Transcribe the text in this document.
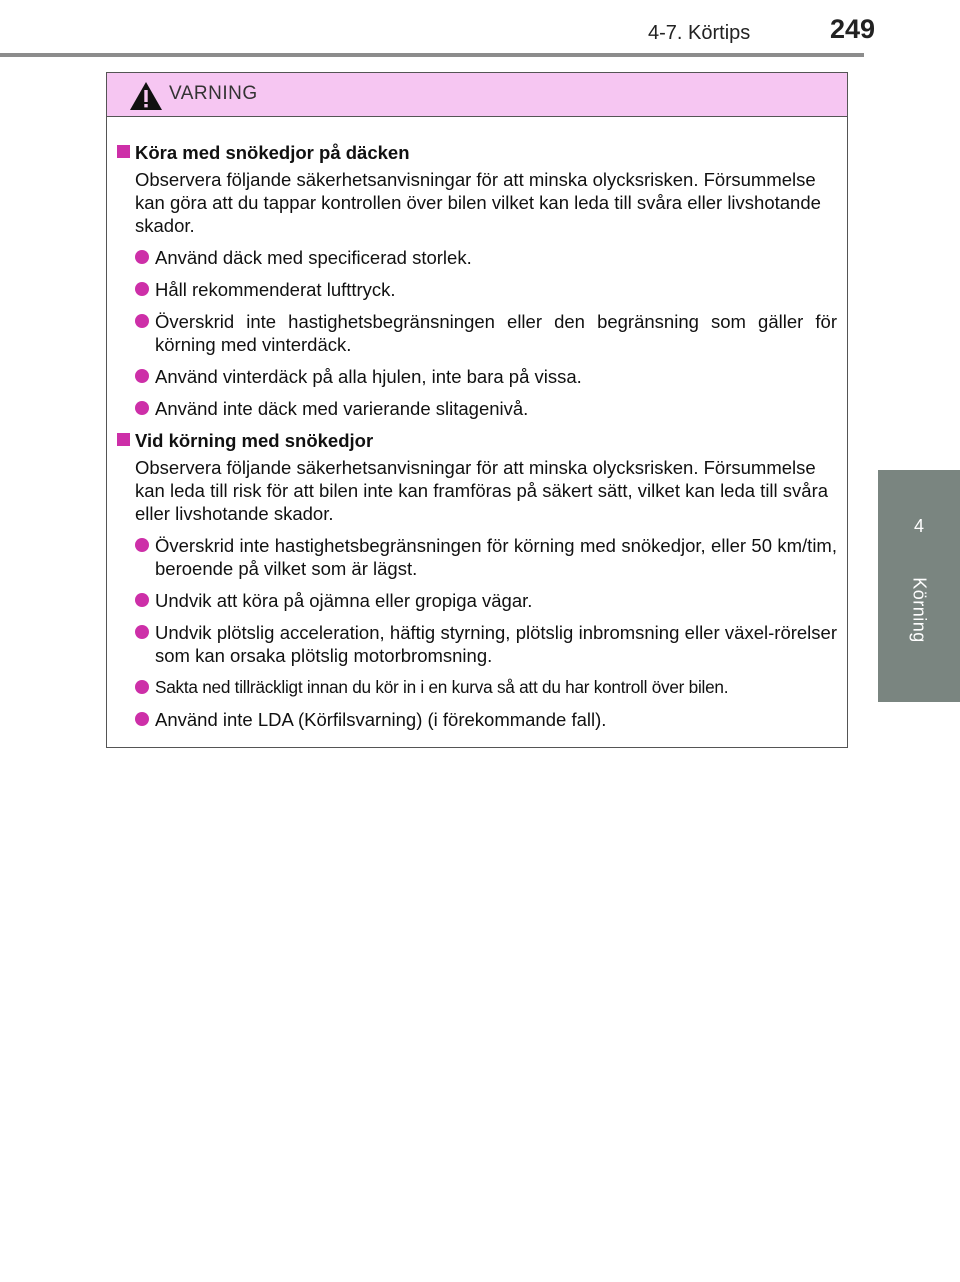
4-7. Körtips	249
4
Körning
VARNING
Köra med snökedjor på däcken
Observera följande säkerhetsanvisningar för att minska olycksrisken. Försummelse kan göra att du tappar kontrollen över bilen vilket kan leda till svåra eller livshotande skador.
Använd däck med specificerad storlek.
Håll rekommenderat lufttryck.
Överskrid inte hastighetsbegränsningen eller den begränsning som gäller för körning med vinterdäck.
Använd vinterdäck på alla hjulen, inte bara på vissa.
Använd inte däck med varierande slitagenivå.
Vid körning med snökedjor
Observera följande säkerhetsanvisningar för att minska olycksrisken. Försummelse kan leda till risk för att bilen inte kan framföras på säkert sätt, vilket kan leda till svåra eller livshotande skador.
Överskrid inte hastighetsbegränsningen för körning med snökedjor, eller 50 km/tim, beroende på vilket som är lägst.
Undvik att köra på ojämna eller gropiga vägar.
Undvik plötslig acceleration, häftig styrning, plötslig inbromsning eller växel-rörelser som kan orsaka plötslig motorbromsning.
Sakta ned tillräckligt innan du kör in i en kurva så att du har kontroll över bilen.
Använd inte LDA (Körfilsvarning) (i förekommande fall).
